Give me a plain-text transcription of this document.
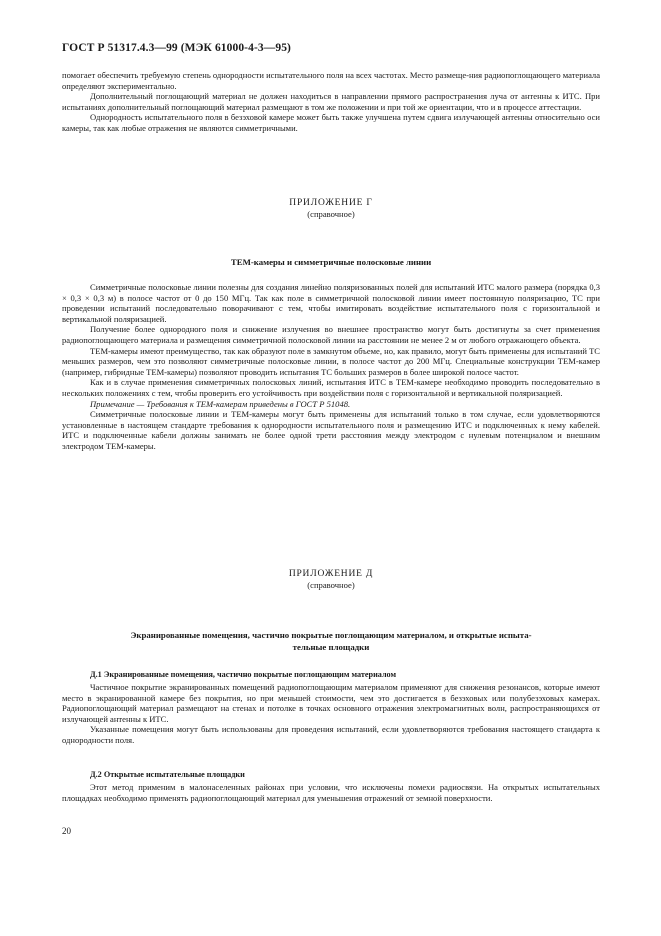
ГОСТ Р 51317.4.3—99 (МЭК 61000-4-3—95)

помогает обеспечить требуемую степень однородности испытательного поля на всех частотах. Место размеще-ния радиопоглощающего материала определяют экспериментально.

Дополнительный поглощающий материал не должен находиться в направлении прямого распространения луча от антенны к ИТС. При испытаниях дополнительный поглощающий материал размещают в том же положении и при той же ориентации, что и в процессе аттестации.

Однородность испытательного поля в безэховой камере может быть также улучшена путем сдвига излучающей антенны относительно оси камеры, так как любые отражения не являются симметричными.

ПРИЛОЖЕНИЕ Г
(справочное)
ТЕМ-камеры и симметричные полосковые линии

Симметричные полосковые линии полезны для создания линейно поляризованных полей для испытаний ИТС малого размера (порядка 0,3 × 0,3 × 0,3 м) в полосе частот от 0 до 150 МГц. Так как поле в симметричной полосковой линии имеет постоянную поляризацию, ТС при проведении испытаний последовательно поворачивают с тем, чтобы имитировать воздействие испытательного поля с горизонтальной и вертикальной поляризацией.

Получение более однородного поля и снижение излучения во внешнее пространство могут быть достигнуты за счет применения радиопоглощающего материала и размещения симметричной полосковой линии на расстоянии не менее 2 м от любого отражающего объекта.

ТЕМ-камеры имеют преимущество, так как образуют поле в замкнутом объеме, но, как правило, могут быть применены для испытаний ТС меньших размеров, чем это позволяют симметричные полосковые линии, в полосе частот до 200 МГц. Специальные конструкции ТЕМ-камер (например, гибридные ТЕМ-камеры) позволяют проводить испытания ТС больших размеров в более широкой полосе частот.

Как и в случае применения симметричных полосковых линий, испытания ИТС в ТЕМ-камере необходимо проводить последовательно в нескольких положениях с тем, чтобы проверить его устойчивость при воздействии поля с горизонтальной и вертикальной поляризацией.

Примечание — Требования к ТЕМ-камерам приведены в ГОСТ Р 51048.

Симметричные полосковые линии и ТЕМ-камеры могут быть применены для испытаний только в том случае, если удовлетворяются установленные в настоящем стандарте требования к однородности испытательного поля и размещению ИТС и подключенных к нему кабелей. ИТС и подключенные кабели должны занимать не более одной трети расстояния между электродом с нулевым потенциалом и внешним электродом ТЕМ-камеры.

ПРИЛОЖЕНИЕ Д
(справочное)
Экранированные помещения, частично покрытые поглощающим материалом, и открытые испыта-
тельные площадки
Д.1 Экранированные помещения, частично покрытые поглощающим материалом

Частичное покрытие экранированных помещений радиопоглощающим материалом применяют для снижения резонансов, которые имеют место в экранированной камере без покрытия, но при меньшей стоимости, чем это достигается в безэховых или полубезэховых камерах. Радиопоглощающий материал размещают на стенах и потолке в точках основного отражения электромагнитных волн, распространяющихся от излучающей антенны к ИТС.

Указанные помещения могут быть использованы для проведения испытаний, если удовлетворяются требования настоящего стандарта к однородности поля.

Д.2 Открытые испытательные площадки

Этот метод применим в малонаселенных районах при условии, что исключены помехи радиосвязи. На открытых испытательных площадках необходимо применять радиопоглощающий материал для уменьшения отражений от земной поверхности.

20
